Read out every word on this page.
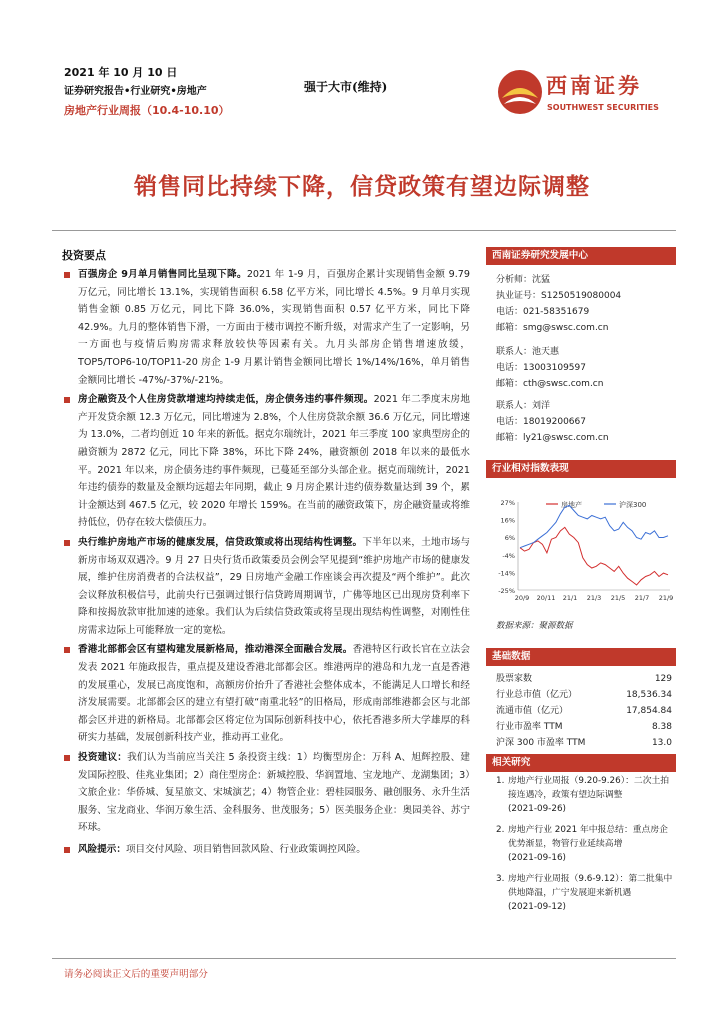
2021 年 10 月 10 日
证券研究报告•行业研究•房地产
房地产行业周报（10.4-10.10）
强于大市(维持)	西南证券
SOUTHWEST SECURITIES
销售同比持续下降，信贷政策有望边际调整
投资要点
百强房企 9月单月销售同比呈现下降。2021 年 1-9 月，百强房企累计实现销售金额 9.79 万亿元，同比增长 13.1%，实现销售面积 6.58 亿平方米，同比增长 4.5%。9 月单月实现销售金额 0.85 万亿元，同比下降 36.0%，实现销售面积 0.57 亿平方米，同比下降 42.9%。九月的整体销售下滑，一方面由于楼市调控不断升级，对需求产生了一定影响，另一方面也与疫情后购房需求释放较快等因素有关。九月头部房企销售增速放缓，TOP5/TOP6-10/TOP11-20 房企 1-9 月累计销售金额同比增长 1%/14%/16%，单月销售金额同比增长 -47%/-37%/-21%。
房企融资及个人住房贷款增速均持续走低，房企债务违约事件频现。2021 年二季度末房地产开发贷余额 12.3 万亿元，同比增速为 2.8%，个人住房贷款余额 36.6 万亿元，同比增速为 13.0%，二者均创近 10 年来的新低。据克尔瑞统计，2021 年三季度 100 家典型房企的融资额为 2872 亿元，同比下降 38%，环比下降 24%，融资额创 2018 年以来的最低水平。2021 年以来，房企债务违约事件频现，已蔓延至部分头部企业。据克而瑞统计，2021 年违约债券的数量及金额均远超去年同期，截止 9 月房企累计违约债券数量达到 39 个，累计金额达到 467.5 亿元，较 2020 年增长 159%。在当前的融资政策下，房企融资量或将维持低位，仍存在较大偿债压力。
央行维护房地产市场的健康发展，信贷政策或将出现结构性调整。下半年以来，土地市场与新房市场双双遇冷。9 月 27 日央行货币政策委员会例会罕见提到“维护房地产市场的健康发展，维护住房消费者的合法权益”，29 日房地产金融工作座谈会再次提及“两个维护”。此次会议释放积极信号，此前央行已强调过银行信贷跨周期调节，广佛等地区已出现房贷利率下降和按揭放款审批加速的迹象。我们认为后续信贷政策或将呈现出现结构性调整，对刚性住房需求边际上可能释放一定的宽松。
香港北部都会区有望构建发展新格局，推动港深全面融合发展。香港特区行政长官在立法会发表 2021 年施政报告，重点提及建设香港北部都会区。维港两岸的港岛和九龙一直是香港的发展重心，发展已高度饱和，高额房价抬升了香港社会整体成本，不能满足人口增长和经济发展需要。北部都会区的建立有望打破“南重北轻”的旧格局，形成南部维港都会区与北部都会区并进的新格局。北部都会区将定位为国际创新科技中心，依托香港多所大学雄厚的科研实力基础，发展创新科技产业，推动再工业化。
投资建议：我们认为当前应当关注 5 条投资主线：1）均衡型房企：万科 A、旭辉控股、建发国际控股、佳兆业集团；2）商住型房企：新城控股、华润置地、宝龙地产、龙湖集团；3）文旅企业：华侨城、复星旅文、宋城演艺；4）物管企业：碧桂园服务、融创服务、永升生活服务、宝龙商业、华润万象生活、金科服务、世茂服务；5）医美服务企业：奥园美谷、苏宁环球。
风险提示：项目交付风险、项目销售回款风险、行业政策调控风险。
西南证券研究发展中心
分析师：沈猛
执业证号：S1250519080004
电话：021-58351679
邮箱：smg@swsc.com.cn
联系人：池天惠
电话：13003109597
邮箱：cth@swsc.com.cn
联系人：刘洋
电话：18019200667
邮箱：ly21@swsc.com.cn
行业相对指数表现
27%
16%
6%
-4%
-14%
-25%
20/9 20/11 21/1 21/3 21/5 21/7 21/9
房地产	沪深300
数据来源：聚源数据
基础数据
股票家数	129
行业总市值（亿元）	18,536.34
流通市值（亿元）	17,854.84
行业市盈率 TTM	8.38
沪深 300 市盈率 TTM	13.0
相关研究
1. 房地产行业周报（9.20-9.26）：二次土拍接连遇冷，政策有望边际调整
(2021-09-26)
2. 房地产行业 2021 年中报总结：重点房企优势渐显，物管行业延续高增
(2021-09-16)
3. 房地产行业周报（9.6-9.12）：第二批集中供地降温，广宁发展迎来新机遇
(2021-09-12)
请务必阅读正文后的重要声明部分
